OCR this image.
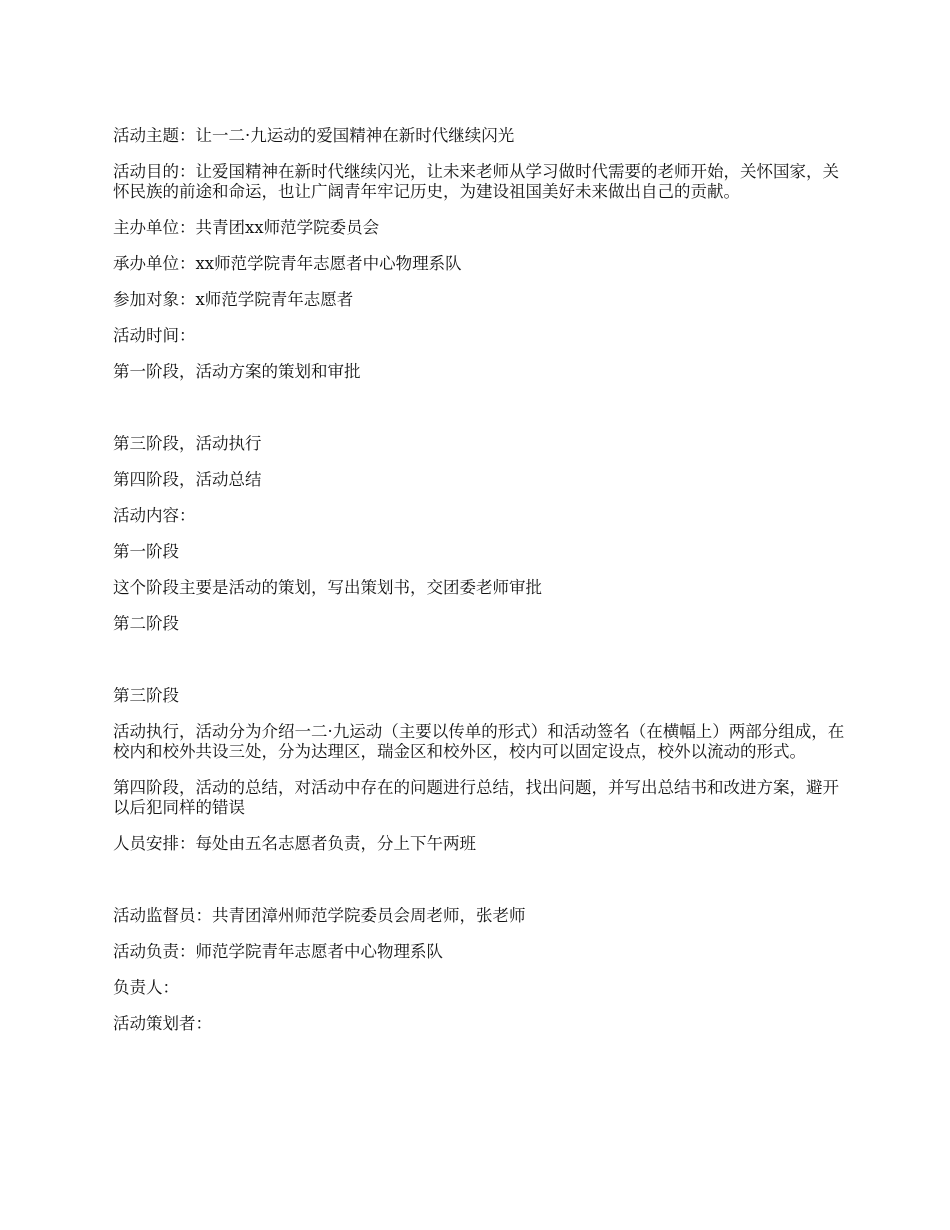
活动主题：让一二·九运动的爱国精神在新时代继续闪光

活动目的：让爱国精神在新时代继续闪光，让未来老师从学习做时代需要的老师开始，关怀国家，关怀民族的前途和命运，也让广阔青年牢记历史，为建设祖国美好未来做出自己的贡献。

主办单位：共青团xx师范学院委员会

承办单位：xx师范学院青年志愿者中心物理系队

参加对象：x师范学院青年志愿者

活动时间：

第一阶段，活动方案的策划和审批

第三阶段，活动执行

第四阶段，活动总结

活动内容：

第一阶段

这个阶段主要是活动的策划，写出策划书，交团委老师审批

第二阶段

第三阶段

活动执行，活动分为介绍一二·九运动（主要以传单的形式）和活动签名（在横幅上）两部分组成，在校内和校外共设三处，分为达理区，瑞金区和校外区，校内可以固定设点，校外以流动的形式。

第四阶段，活动的总结，对活动中存在的问题进行总结，找出问题，并写出总结书和改进方案，避开以后犯同样的错误

人员安排：每处由五名志愿者负责，分上下午两班

活动监督员：共青团漳州师范学院委员会周老师，张老师

活动负责：师范学院青年志愿者中心物理系队

负责人：

活动策划者：
